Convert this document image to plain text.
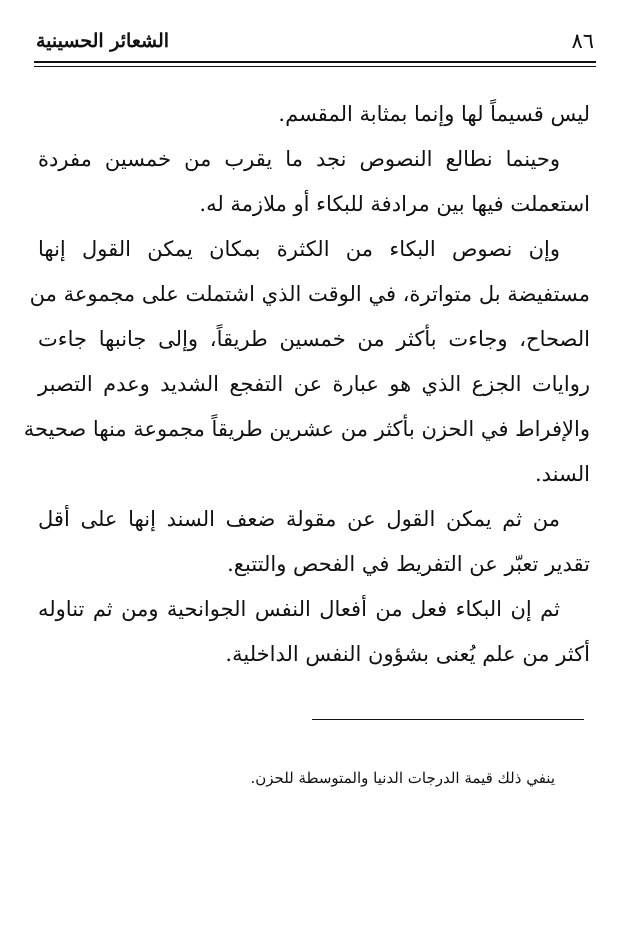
٨٦
الشعائر الحسينية

ليس قسيماً لها وإنما بمثابة المقسم.

وحينما نطالع النصوص نجد ما يقرب من خمسين مفردة
استعملت فيها بين مرادفة للبكاء أو ملازمة له.

وإن نصوص البكاء من الكثرة بمكان يمكن القول إنها
مستفيضة بل متواترة، في الوقت الذي اشتملت على مجموعة من
الصحاح، وجاءت بأكثر من خمسين طريقاً، وإلى جانبها جاءت
روايات الجزع الذي هو عبارة عن التفجع الشديد وعدم التصبر
والإفراط في الحزن بأكثر من عشرين طريقاً مجموعة منها صحيحة
السند.

من ثم يمكن القول عن مقولة ضعف السند إنها على أقل
تقدير تعبّر عن التفريط في الفحص والتتبع.

ثم إن البكاء فعل من أفعال النفس الجوانحية ومن ثم تناوله
أكثر من علم يُعنى بشؤون النفس الداخلية.

ينفي ذلك قيمة الدرجات الدنيا والمتوسطة للحزن.
